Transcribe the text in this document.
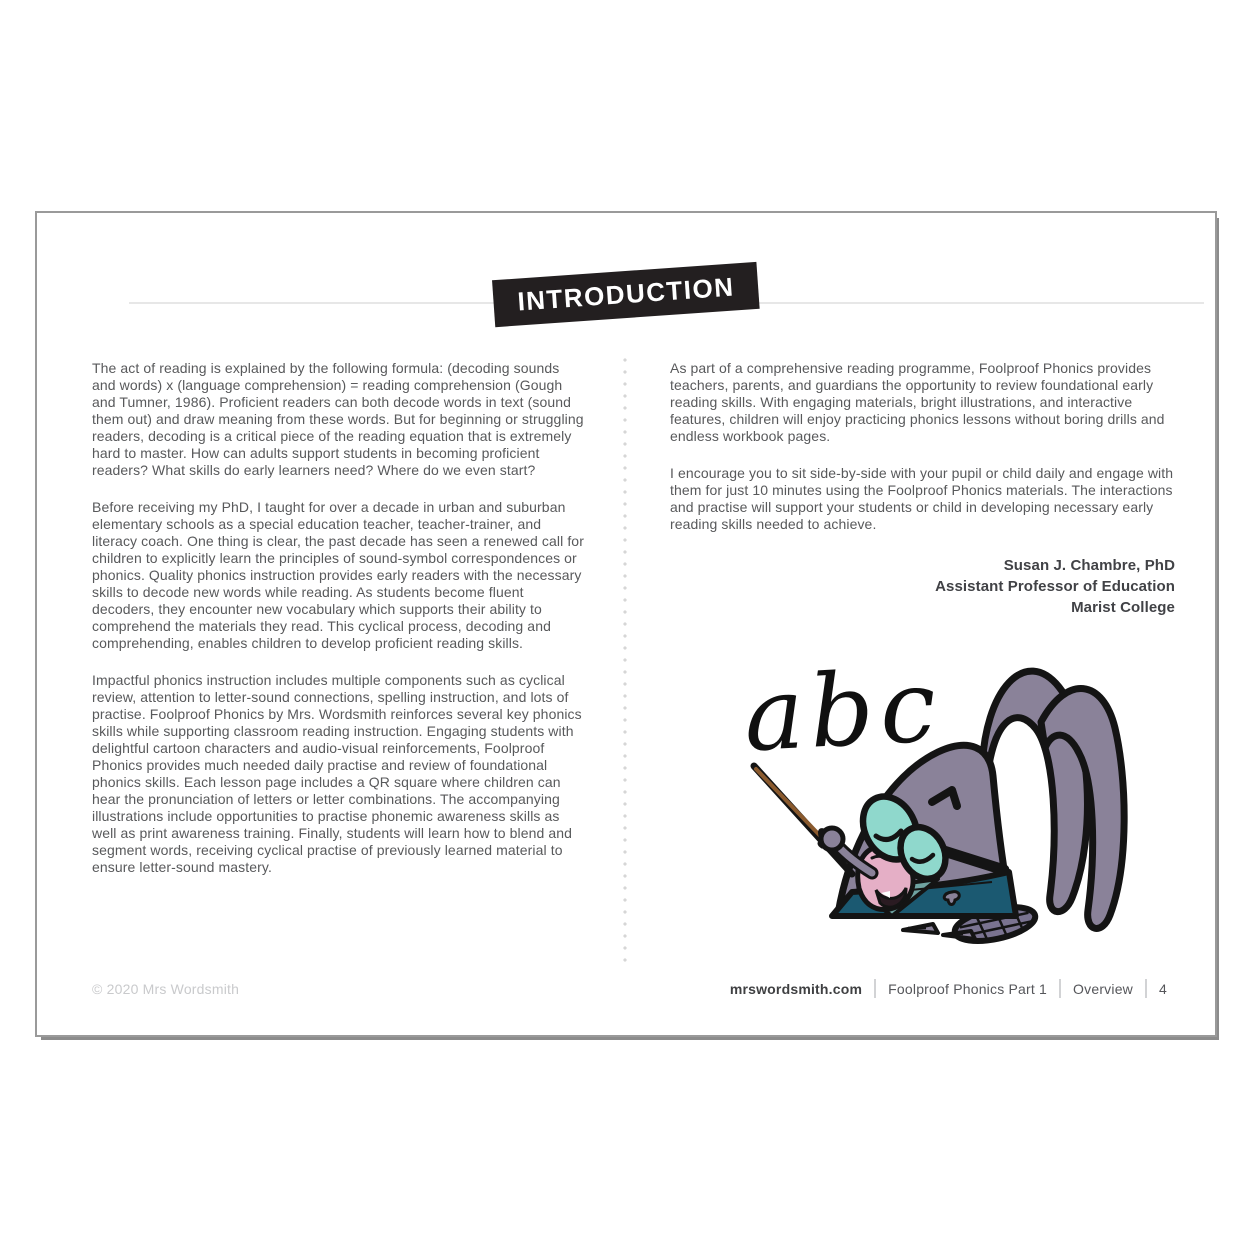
INTRODUCTION

The act of reading is explained by the following formula: (decoding sounds and words) x (language comprehension) = reading comprehension (Gough and Tumner, 1986). Proficient readers can both decode words in text (sound them out) and draw meaning from these words. But for beginning or struggling readers, decoding is a critical piece of the reading equation that is extremely hard to master. How can adults support students in becoming proficient readers? What skills do early learners need? Where do we even start?

Before receiving my PhD, I taught for over a decade in urban and suburban elementary schools as a special education teacher, teacher-trainer, and literacy coach. One thing is clear, the past decade has seen a renewed call for children to explicitly learn the principles of sound-symbol correspondences or phonics. Quality phonics instruction provides early readers with the necessary skills to decode new words while reading. As students become fluent decoders, they encounter new vocabulary which supports their ability to comprehend the materials they read. This cyclical process, decoding and comprehending, enables children to develop proficient reading skills.

Impactful phonics instruction includes multiple components such as cyclical review, attention to letter-sound connections, spelling instruction, and lots of practise. Foolproof Phonics by Mrs. Wordsmith reinforces several key phonics skills while supporting classroom reading instruction. Engaging students with delightful cartoon characters and audio-visual reinforcements, Foolproof Phonics provides much needed daily practise and review of foundational phonics skills. Each lesson page includes a QR square where children can hear the pronunciation of letters or letter combinations. The accompanying illustrations include opportunities to practise phonemic awareness skills as well as print awareness training. Finally, students will learn how to blend and segment words, receiving cyclical practise of previously learned material to ensure letter-sound mastery.

As part of a comprehensive reading programme, Foolproof Phonics provides teachers, parents, and guardians the opportunity to review foundational early reading skills. With engaging materials, bright illustrations, and interactive features, children will enjoy practicing phonics lessons without boring drills and endless workbook pages.

I encourage you to sit side-by-side with your pupil or child daily and engage with them for just 10 minutes using the Foolproof Phonics materials. The interactions and practise will support your students or child in developing necessary early reading skills needed to achieve.

Susan J. Chambre, PhD
Assistant Professor of Education
Marist College
abc
© 2020 Mrs Wordsmith	mrswordsmith.com Foolproof Phonics Part 1 Overview 4
